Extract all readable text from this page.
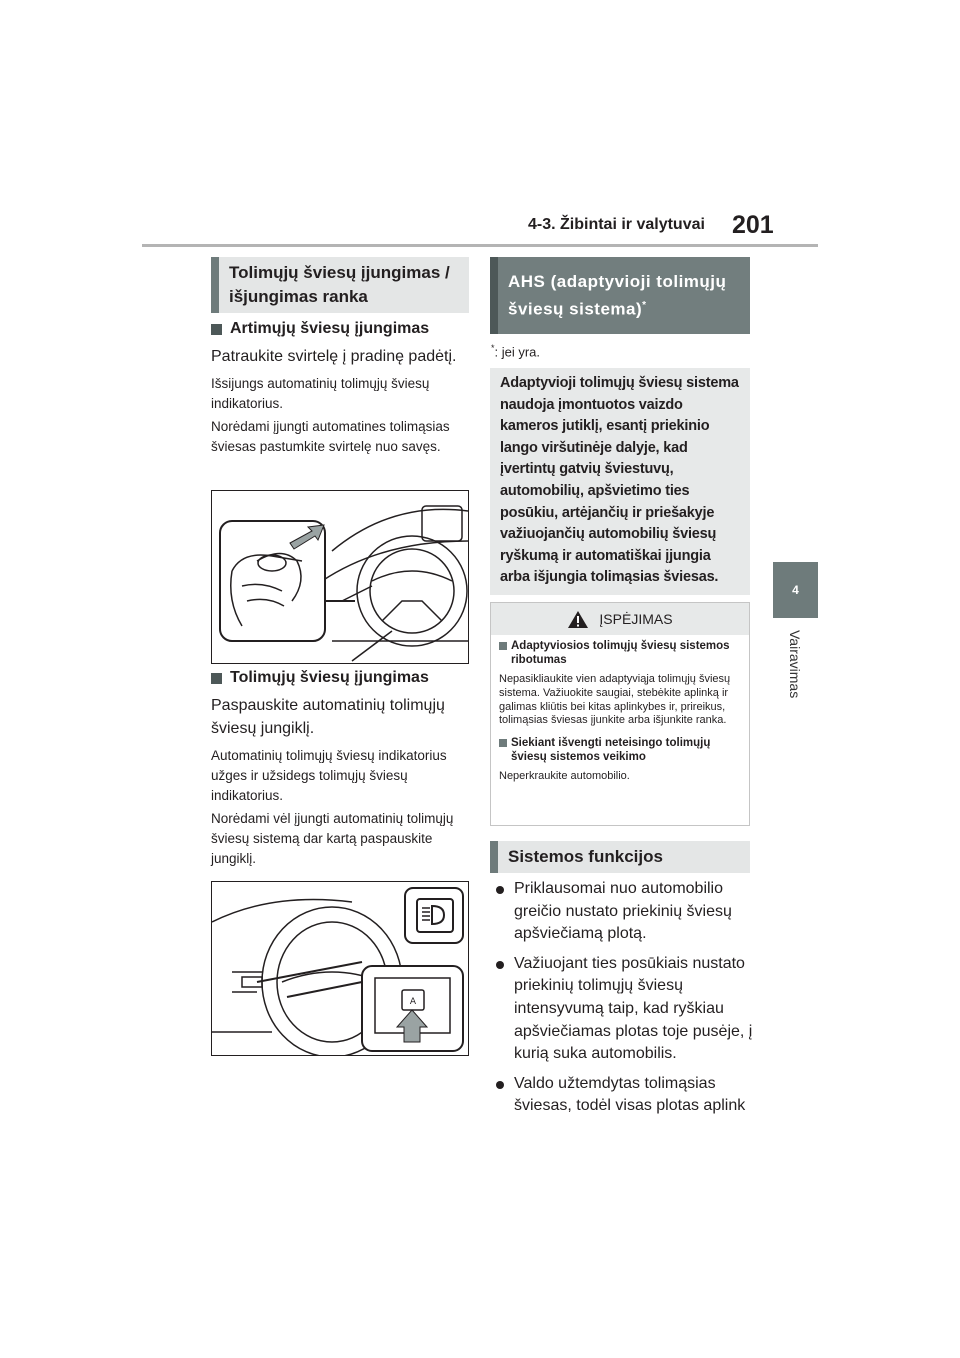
4-3. Žibintai ir valytuvai 201
4
Vairavimas
Tolimųjų šviesų įjungimas / išjungimas ranka
Artimųjų šviesų įjungimas
Patraukite svirtelę į pradinę padėtį.
Išsijungs automatinių tolimųjų šviesų indikatorius.
Norėdami įjungti automatines tolimąsias šviesas pastumkite svirtelę nuo savęs.
Tolimųjų šviesų įjungimas
Paspauskite automatinių tolimųjų šviesų jungiklį.
Automatinių tolimųjų šviesų indikatorius užges ir užsidegs tolimųjų šviesų indikatorius.
Norėdami vėl įjungti automatinių tolimųjų šviesų sistemą dar kartą paspauskite jungiklį.
A
AHS (adaptyvioji tolimųjų šviesų sistema)*
*: jei yra.

Adaptyvioji tolimųjų šviesų sistema naudoja įmontuotos vaizdo kameros jutiklį, esantį priekinio lango viršutinėje dalyje, kad įvertintų gatvių šviestuvų, automobilių, apšvietimo ties posūkiu, artėjančių ir priešakyje važiuojančių automobilių šviesų ryškumą ir automatiškai įjungia arba išjungia tolimąsias šviesas.

ĮSPĖJIMAS
Adaptyviosios tolimųjų šviesų sistemos ribotumas
Nepasikliaukite vien adaptyviąja tolimųjų šviesų sistema. Važiuokite saugiai, stebėkite aplinką ir galimas kliūtis bei kitas aplinkybes ir, prireikus, tolimąsias šviesas įjunkite arba išjunkite ranka.
Siekiant išvengti neteisingo tolimųjų šviesų sistemos veikimo
Neperkraukite automobilio.
Sistemos funkcijos
Priklausomai nuo automobilio greičio nustato priekinių šviesų apšviečiamą plotą.
Važiuojant ties posūkiais nustato priekinių tolimųjų šviesų intensyvumą taip, kad ryškiau apšviečiamas plotas toje pusėje, į kurią suka automobilis.
Valdo užtemdytas tolimąsias šviesas, todėl visas plotas aplink
